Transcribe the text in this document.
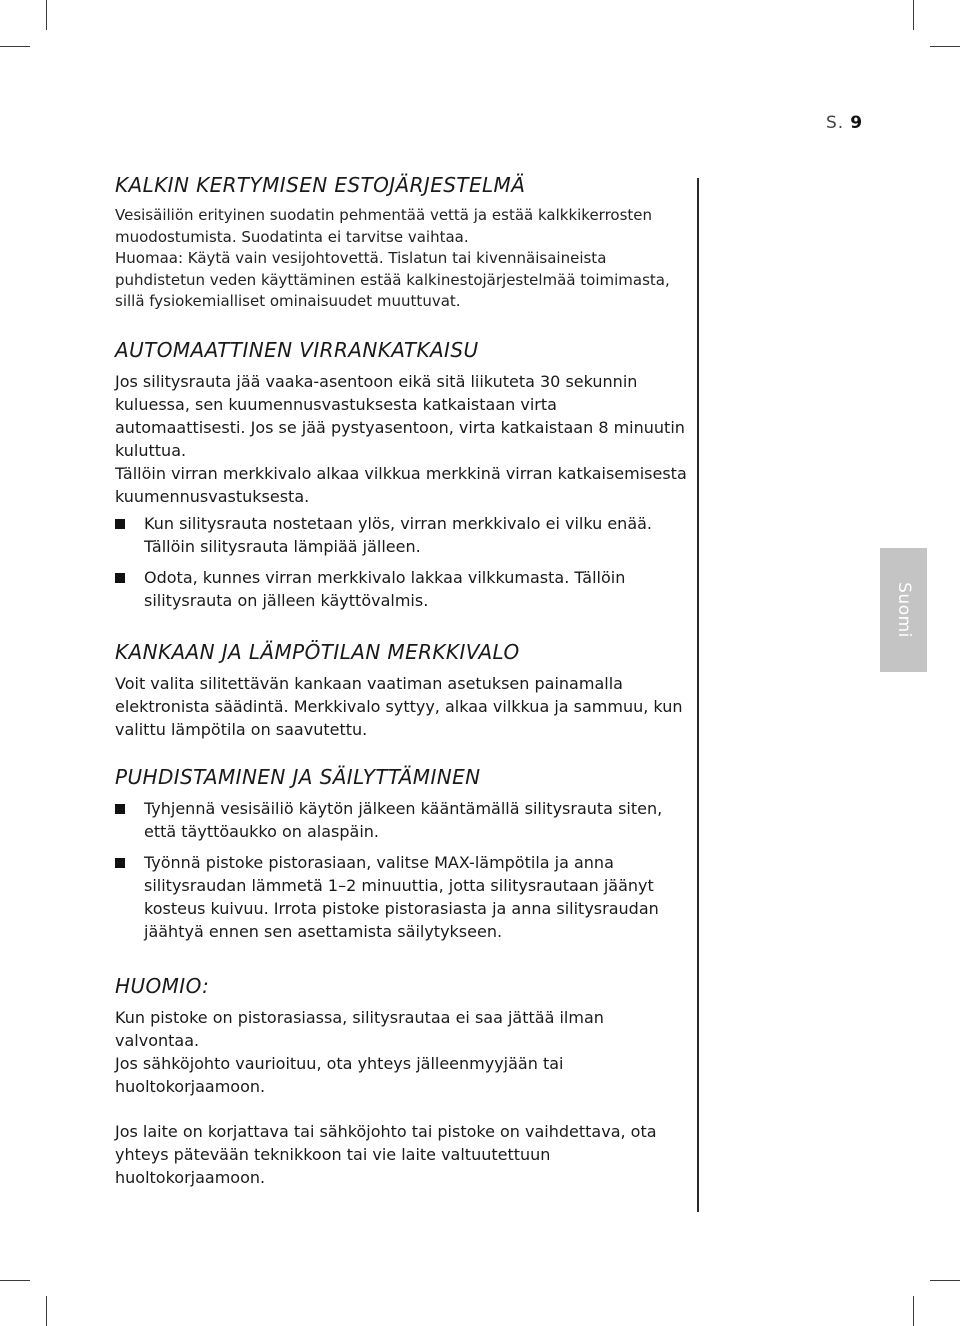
S. 9
Suomi
KALKIN KERTYMISEN ESTOJÄRJESTELMÄ

Vesisäiliön erityinen suodatin pehmentää vettä ja estää kalkkikerrosten muodostumista. Suodatinta ei tarvitse vaihtaa.

Huomaa: Käytä vain vesijohtovettä. Tislatun tai kivennäisaineista puhdistetun veden käyttäminen estää kalkinestojärjestelmää toimimasta, sillä fysiokemialliset ominaisuudet muuttuvat.

AUTOMAATTINEN VIRRANKATKAISU

Jos silitysrauta jää vaaka-asentoon eikä sitä liikuteta 30 sekunnin kuluessa, sen kuumennusvastuksesta katkaistaan virta automaattisesti. Jos se jää pystyasentoon, virta katkaistaan 8 minuutin kuluttua.

Tällöin virran merkkivalo alkaa vilkkua merkkinä virran katkaisemisesta kuumennusvastuksesta.

Kun silitysrauta nostetaan ylös, virran merkkivalo ei vilku enää. Tällöin silitysrauta lämpiää jälleen.
Odota, kunnes virran merkkivalo lakkaa vilkkumasta. Tällöin silitysrauta on jälleen käyttövalmis.
KANKAAN JA LÄMPÖTILAN MERKKIVALO

Voit valita silitettävän kankaan vaatiman asetuksen painamalla elektronista säädintä. Merkkivalo syttyy, alkaa vilkkua ja sammuu, kun valittu lämpötila on saavutettu.

PUHDISTAMINEN JA SÄILYTTÄMINEN
Tyhjennä vesisäiliö käytön jälkeen kääntämällä silitysrauta siten, että täyttöaukko on alaspäin.
Työnnä pistoke pistorasiaan, valitse MAX-lämpötila ja anna silitysraudan lämmetä 1–2 minuuttia, jotta silitysrautaan jäänyt kosteus kuivuu. Irrota pistoke pistorasiasta ja anna silitysraudan jäähtyä ennen sen asettamista säilytykseen.
HUOMIO:

Kun pistoke on pistorasiassa, silitysrautaa ei saa jättää ilman valvontaa.

Jos sähköjohto vaurioituu, ota yhteys jälleenmyyjään tai huoltokorjaamoon.

Jos laite on korjattava tai sähköjohto tai pistoke on vaihdettava, ota yhteys pätevään teknikkoon tai vie laite valtuutettuun huoltokorjaamoon.
